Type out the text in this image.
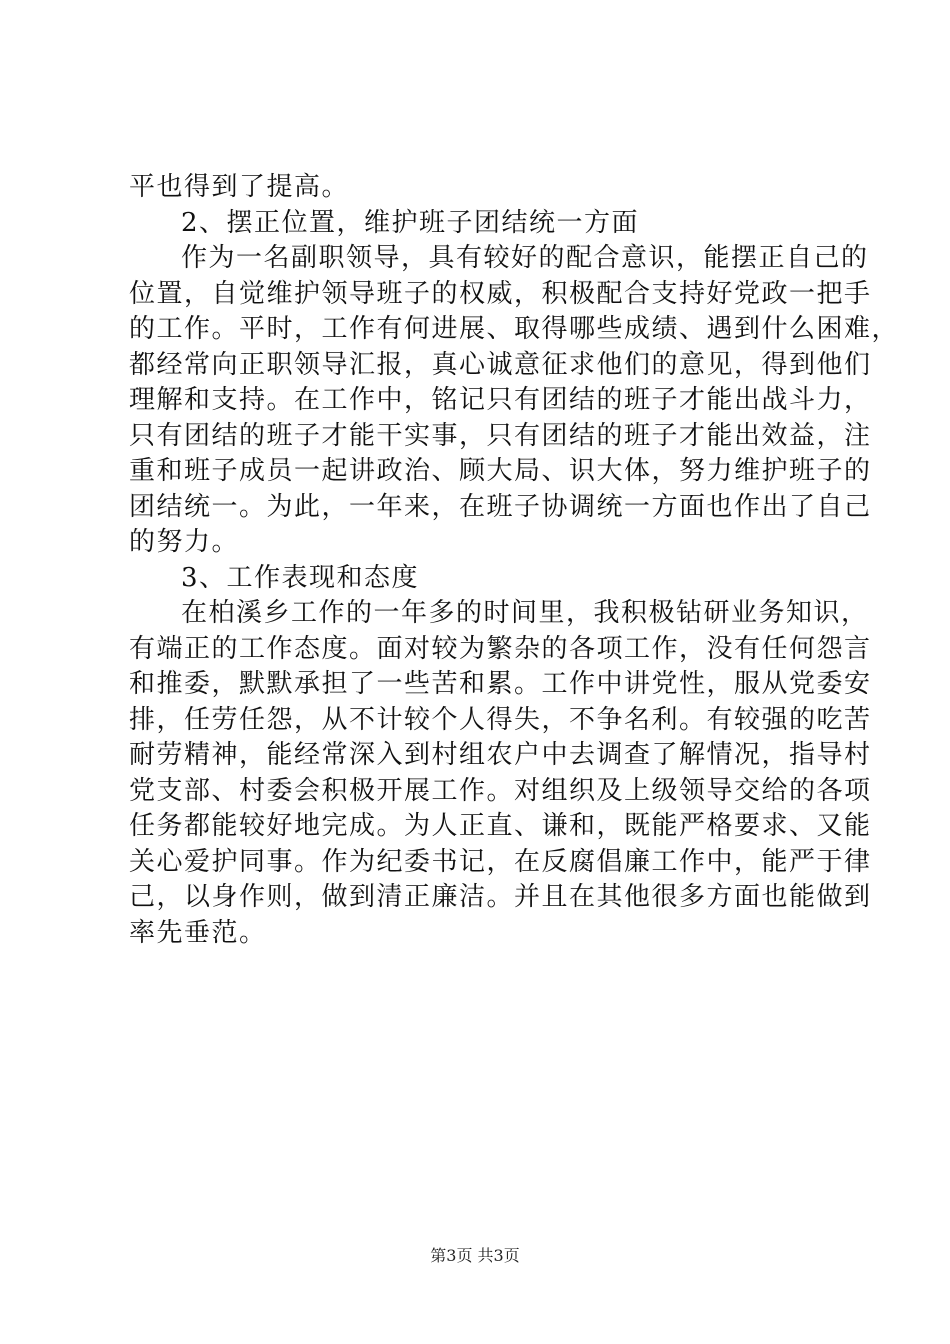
平也得到了提高。
2、摆正位置，维护班子团结统一方面
作为一名副职领导，具有较好的配合意识，能摆正自己的
位置，自觉维护领导班子的权威，积极配合支持好党政一把手
的工作。平时，工作有何进展、取得哪些成绩、遇到什么困难，
都经常向正职领导汇报，真心诚意征求他们的意见，得到他们
理解和支持。在工作中，铭记只有团结的班子才能出战斗力，
只有团结的班子才能干实事，只有团结的班子才能出效益，注
重和班子成员一起讲政治、顾大局、识大体，努力维护班子的
团结统一。为此，一年来，在班子协调统一方面也作出了自己
的努力。
3、工作表现和态度
在柏溪乡工作的一年多的时间里，我积极钻研业务知识，
有端正的工作态度。面对较为繁杂的各项工作，没有任何怨言
和推委，默默承担了一些苦和累。工作中讲党性，服从党委安
排，任劳任怨，从不计较个人得失，不争名利。有较强的吃苦
耐劳精神，能经常深入到村组农户中去调查了解情况，指导村
党支部、村委会积极开展工作。对组织及上级领导交给的各项
任务都能较好地完成。为人正直、谦和，既能严格要求、又能
关心爱护同事。作为纪委书记，在反腐倡廉工作中，能严于律
己，以身作则，做到清正廉洁。并且在其他很多方面也能做到
率先垂范。
第3页 共3页
